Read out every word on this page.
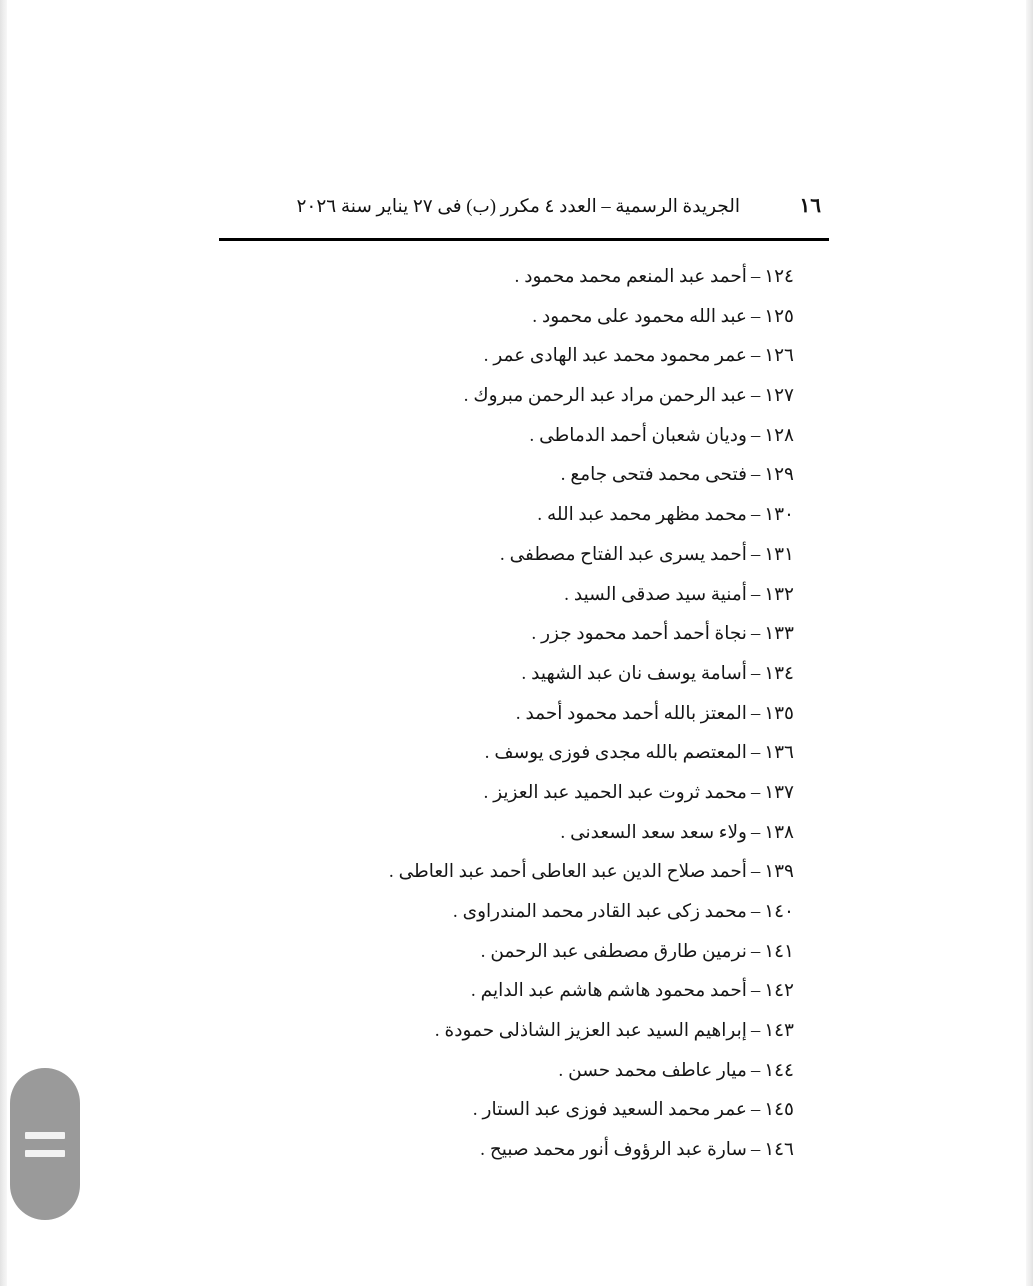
١٦
الجريدة الرسمية – العدد ٤ مكرر (ب) فى ٢٧ يناير سنة ٢٠٢٦
١٢٤–أحمد عبد المنعم محمد محمود.
١٢٥–عبد الله محمود على محمود.
١٢٦–عمر محمود محمد عبد الهادى عمر.
١٢٧–عبد الرحمن مراد عبد الرحمن مبروك.
١٢٨–وديان شعبان أحمد الدماطى.
١٢٩–فتحى محمد فتحى جامع.
١٣٠–محمد مظهر محمد عبد الله.
١٣١–أحمد يسرى عبد الفتاح مصطفى.
١٣٢–أمنية سيد صدقى السيد.
١٣٣–نجاة أحمد أحمد محمود جزر.
١٣٤–أسامة يوسف نان عبد الشهيد.
١٣٥–المعتز بالله أحمد محمود أحمد.
١٣٦–المعتصم بالله مجدى فوزى يوسف.
١٣٧–محمد ثروت عبد الحميد عبد العزيز.
١٣٨–ولاء سعد سعد السعدنى.
١٣٩–أحمد صلاح الدين عبد العاطى أحمد عبد العاطى.
١٤٠–محمد زكى عبد القادر محمد المندراوى.
١٤١–نرمين طارق مصطفى عبد الرحمن.
١٤٢–أحمد محمود هاشم هاشم عبد الدايم.
١٤٣–إبراهيم السيد عبد العزيز الشاذلى حمودة.
١٤٤–ميار عاطف محمد حسن.
١٤٥–عمر محمد السعيد فوزى عبد الستار.
١٤٦–سارة عبد الرؤوف أنور محمد صبيح.
